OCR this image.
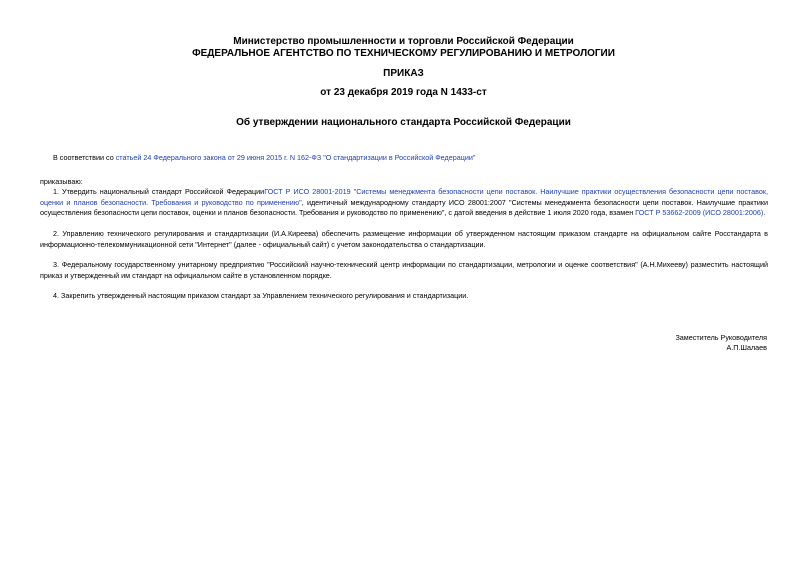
Министерство промышленности и торговли Российской Федерации
ФЕДЕРАЛЬНОЕ АГЕНТСТВО ПО ТЕХНИЧЕСКОМУ РЕГУЛИРОВАНИЮ И МЕТРОЛОГИИ
ПРИКАЗ
от 23 декабря 2019 года N 1433-ст
Об утверждении национального стандарта Российской Федерации
В соответствии со статьей 24 Федерального закона от 29 июня 2015 г. N 162-ФЗ "О стандартизации в Российской Федерации"
приказываю:
1. Утвердить национальный стандарт Российской ФедерацииГОСТ Р ИСО 28001-2019 "Системы менеджмента безопасности цепи поставок. Наилучшие практики осуществления безопасности цепи поставок, оценки и планов безопасности. Требования и руководство по применению", идентичный международному стандарту ИСО 28001:2007 "Системы менеджмента безопасности цепи поставок. Наилучшие практики осуществления безопасности цепи поставок, оценки и планов безопасности. Требования и руководство по применению", с датой введения в действие 1 июля 2020 года, взамен ГОСТ Р 53662-2009 (ИСО 28001:2006).
2. Управлению технического регулирования и стандартизации (И.А.Киреева) обеспечить размещение информации об утвержденном настоящим приказом стандарте на официальном сайте Росстандарта в информационно-телекоммуникационной сети "Интернет" (далее - официальный сайт) с учетом законодательства о стандартизации.
3. Федеральному государственному унитарному предприятию "Российский научно-технический центр информации по стандартизации, метрологии и оценке соответствия" (А.Н.Михееву) разместить настоящий приказ и утвержденный им стандарт на официальном сайте в установленном порядке.
4. Закрепить утвержденный настоящим приказом стандарт за Управлением технического регулирования и стандартизации.
Заместитель Руководителя
А.П.Шалаев
